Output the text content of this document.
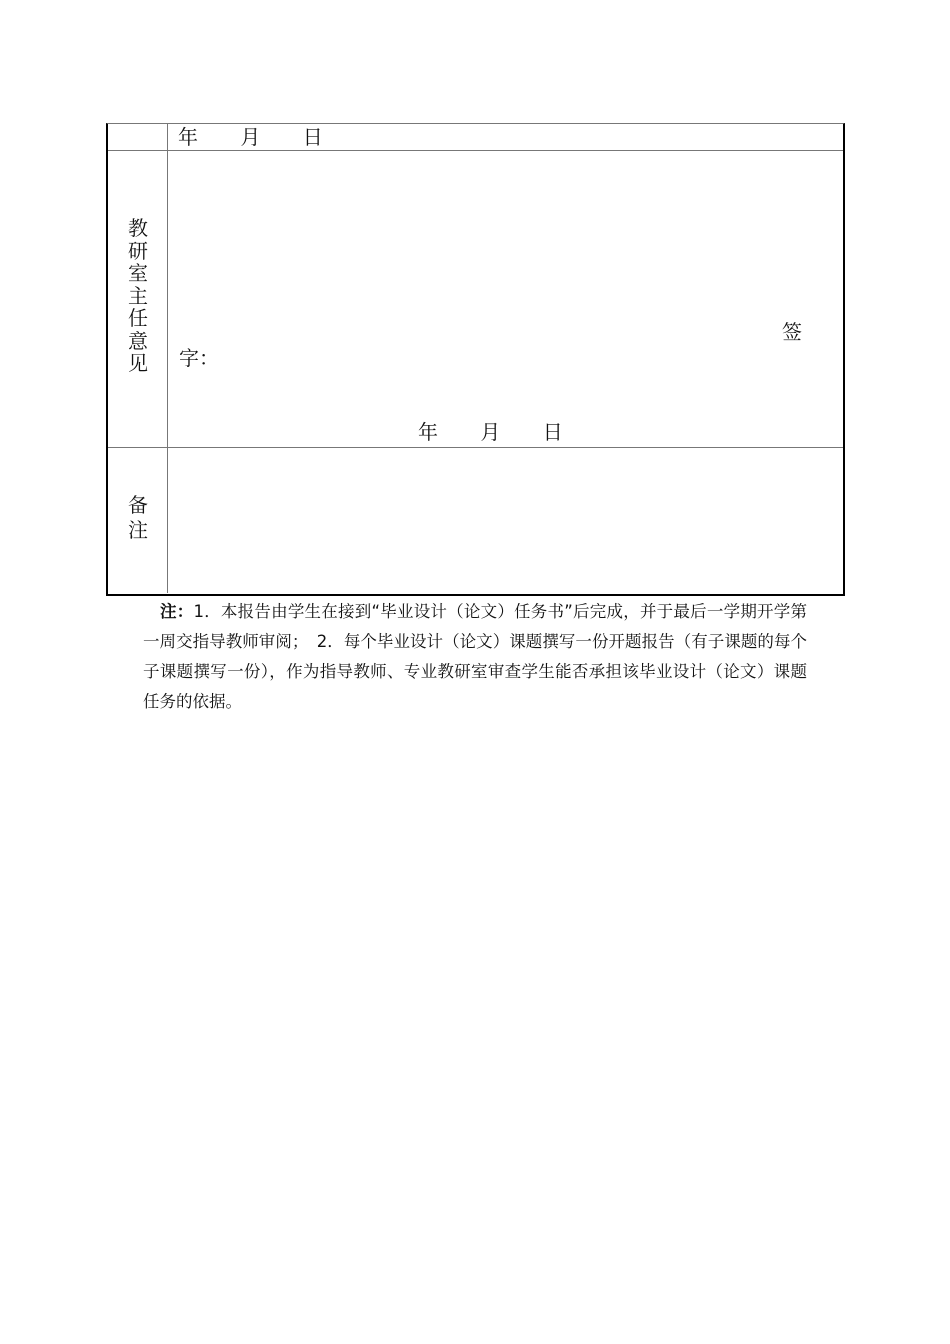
年 月 日
教
研
室
主
任
意
见
签
字：
年 月 日
备
注
注：1．本报告由学生在接到“毕业设计（论文）任务书”后完成，并于最后一学期开学第一周交指导教师审阅；　2．每个毕业设计（论文）课题撰写一份开题报告（有子课题的每个子课题撰写一份），作为指导教师、专业教研室审查学生能否承担该毕业设计（论文）课题任务的依据。
